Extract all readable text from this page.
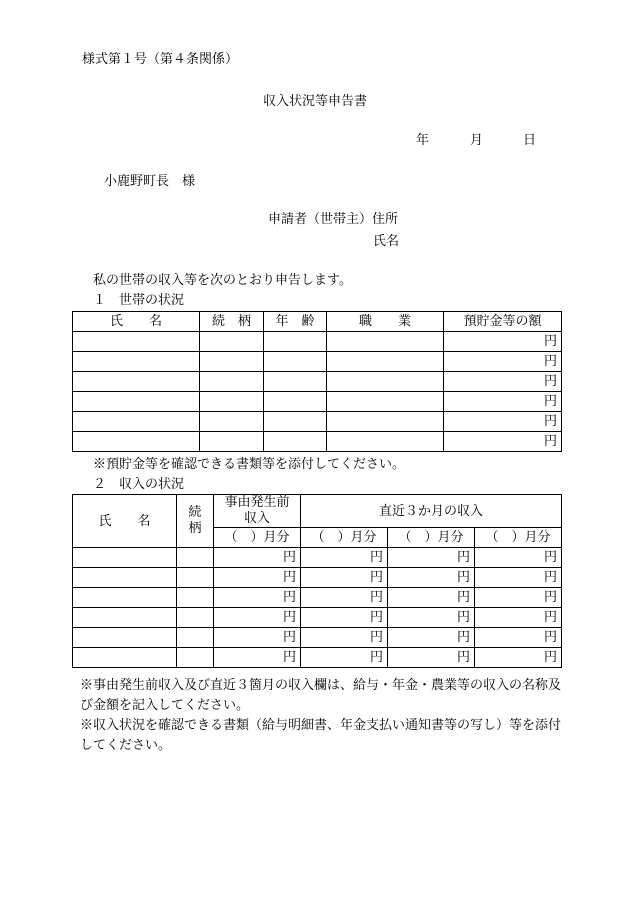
様式第１号（第４条関係）
収入状況等申告書
年	月	日
小鹿野町長　様
申請者（世帯主）住所
氏名
私の世帯の収入等を次のとおり申告します。
１　世帯の状況
氏　　名	続　柄	年　齢	職　　業	預貯金等の額
				円
				円
				円
				円
				円
				円
※預貯金等を確認できる書類等を添付してください。
２　収入の状況
氏　　名	続柄	事由発生前収入	直近３か月の収入		
		（　）月分	（　）月分	（　）月分	（　）月分
		円	円	円	円
		円	円	円	円
		円	円	円	円
		円	円	円	円
		円	円	円	円
		円	円	円	円
※事由発生前収入及び直近３箇月の収入欄は、給与・年金・農業等の収入の名称及び金額を記入してください。
※収入状況を確認できる書類（給与明細書、年金支払い通知書等の写し）等を添付してください。
